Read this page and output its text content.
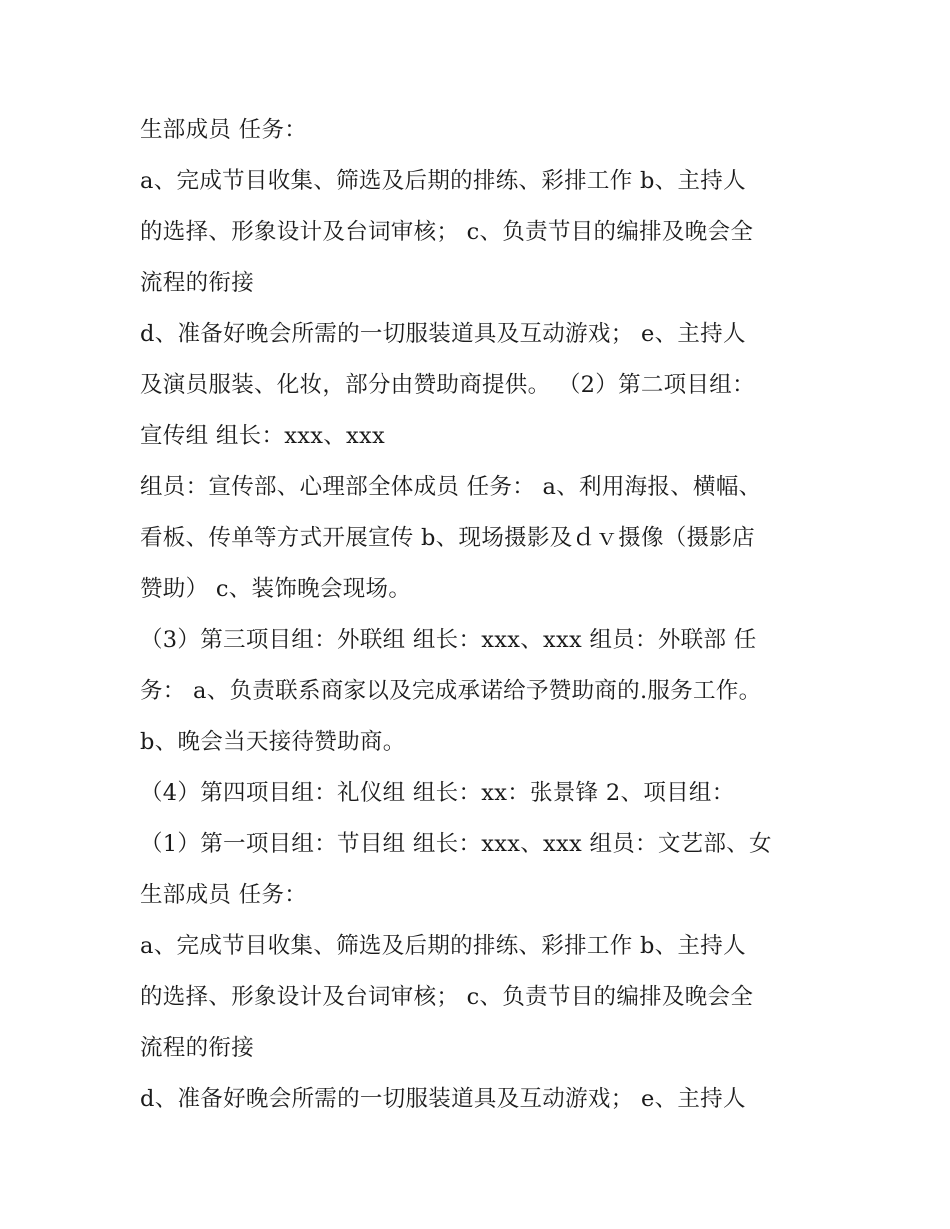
生部成员 任务：
a、完成节目收集、筛选及后期的排练、彩排工作 b、主持人
的选择、形象设计及台词审核； c、负责节目的编排及晚会全
流程的衔接
d、准备好晚会所需的一切服装道具及互动游戏； e、主持人
及演员服装、化妆，部分由赞助商提供。 （2）第二项目组：
宣传组 组长：xxx、xxx
组员：宣传部、心理部全体成员 任务： a、利用海报、横幅、
看板、传单等方式开展宣传 b、现场摄影及ｄｖ摄像（摄影店
赞助） c、装饰晚会现场。
（3）第三项目组：外联组 组长：xxx、xxx 组员：外联部 任
务： a、负责联系商家以及完成承诺给予赞助商的.服务工作。
b、晚会当天接待赞助商。
（4）第四项目组：礼仪组 组长：xx：张景锋 2、项目组：
（1）第一项目组：节目组 组长：xxx、xxx 组员：文艺部、女
生部成员 任务：
a、完成节目收集、筛选及后期的排练、彩排工作 b、主持人
的选择、形象设计及台词审核； c、负责节目的编排及晚会全
流程的衔接
d、准备好晚会所需的一切服装道具及互动游戏； e、主持人
